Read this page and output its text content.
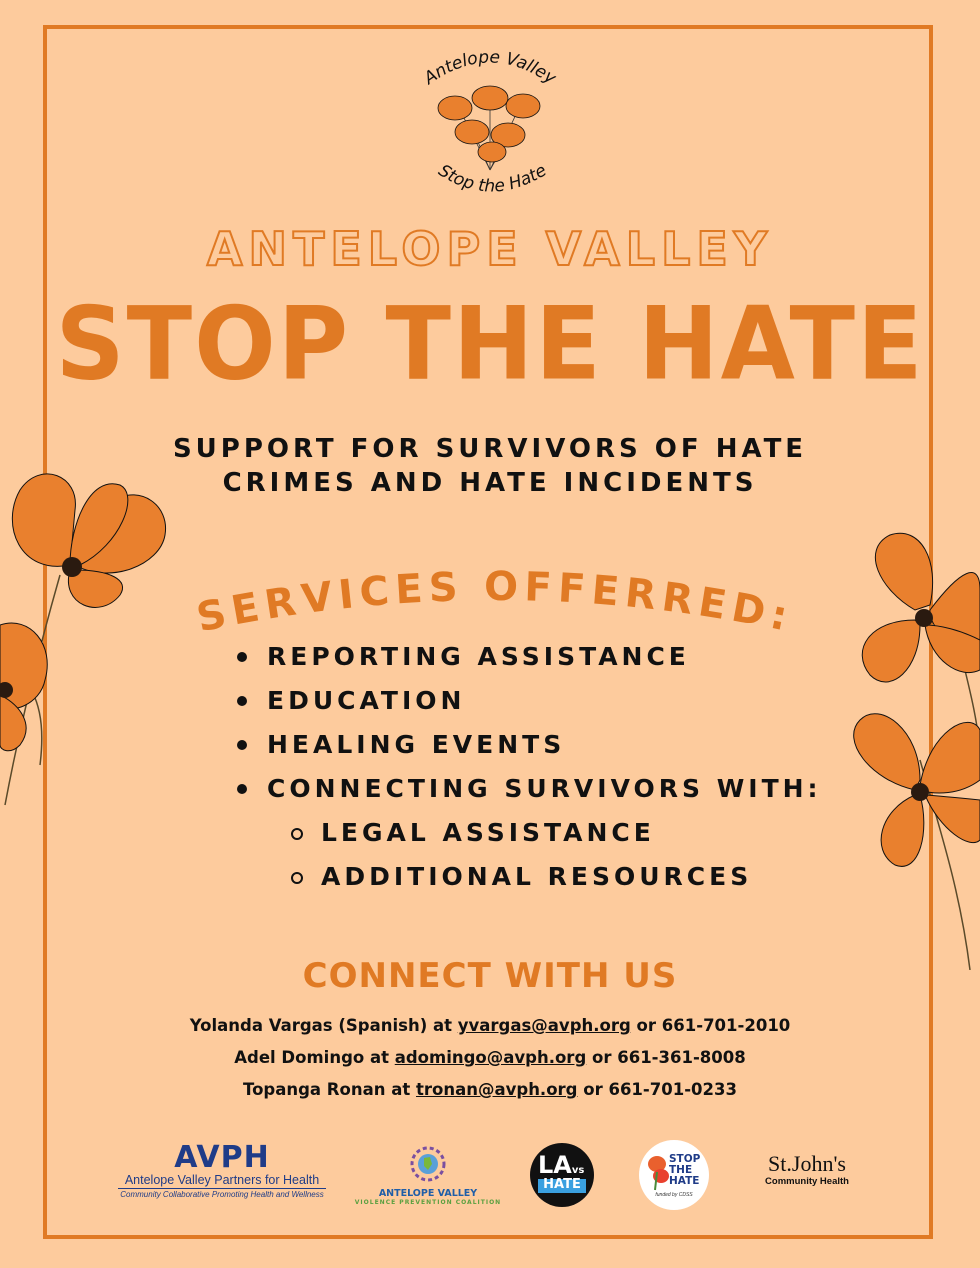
Antelope Valley
Stop the Hate
ANTELOPE VALLEY
STOP THE HATE
SUPPORT FOR SURVIVORS OF HATE
CRIMES AND HATE INCIDENTS
SERVICES OFFERRED:
REPORTING ASSISTANCE
EDUCATION
HEALING EVENTS
CONNECTING SURVIVORS WITH:
LEGAL ASSISTANCE
ADDITIONAL RESOURCES
CONNECT WITH US
Yolanda Vargas (Spanish) at yvargas@avph.org or 661-701-2010
Adel Domingo at adomingo@avph.org or 661-361-8008
Topanga Ronan at tronan@avph.org or 661-701-0233
AVPH
Antelope Valley Partners for Health
Community Collaborative Promoting Health and Wellness	ANTELOPE VALLEY
VIOLENCE PREVENTION COALITION
LAvs
HATE
STOP
THE
HATE
funded by CDSS
St.John's
Community Health
